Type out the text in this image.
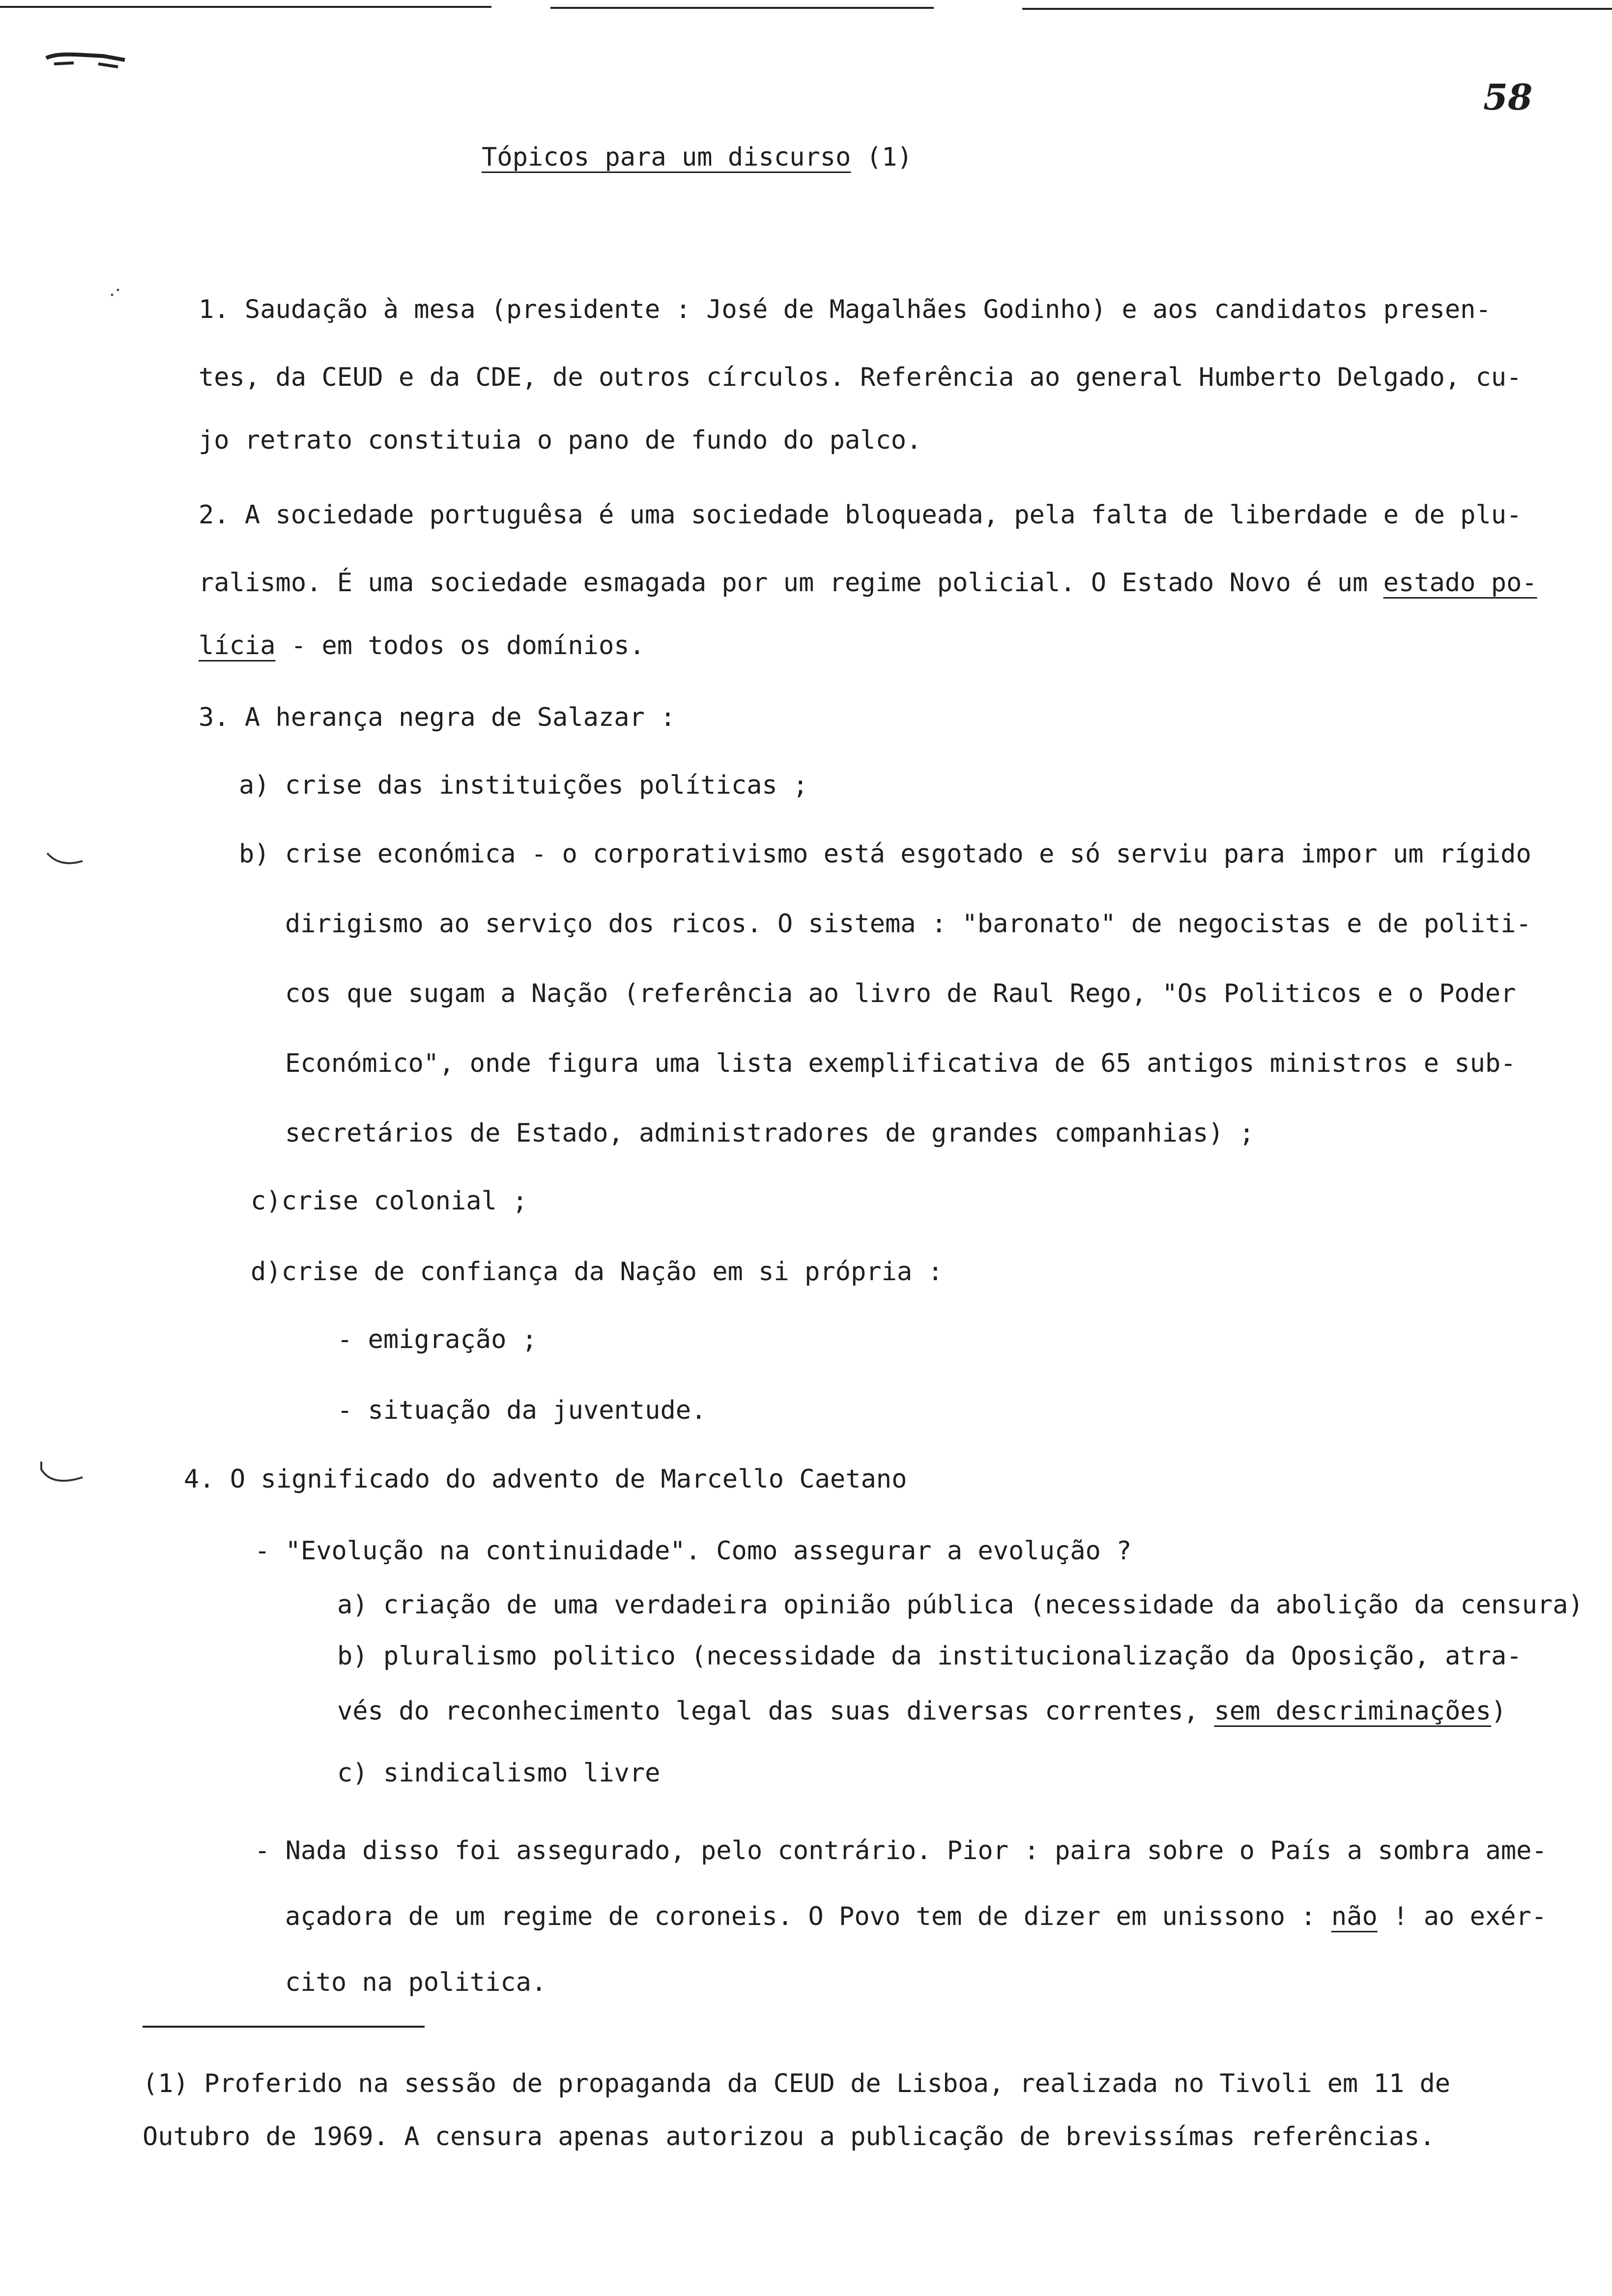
58
Tópicos para um discurso (1)
1. Saudação à mesa (presidente : José de Magalhães Godinho) e aos candidatos presen-
tes, da CEUD e da CDE, de outros círculos. Referência ao general Humberto Delgado, cu-
jo retrato constituia o pano de fundo do palco.
2. A sociedade portuguêsa é uma sociedade bloqueada, pela falta de liberdade e de plu-
ralismo. É uma sociedade esmagada por um regime policial. O Estado Novo é um estado po-
lícia - em todos os domínios.
3. A herança negra de Salazar :
a) crise das instituições políticas ;
b) crise económica - o corporativismo está esgotado e só serviu para impor um rígido
dirigismo ao serviço dos ricos. O sistema : "baronato" de negocistas e de politi-
cos que sugam a Nação (referência ao livro de Raul Rego, "Os Politicos e o Poder
Económico", onde figura uma lista exemplificativa de 65 antigos ministros e sub-
secretários de Estado, administradores de grandes companhias) ;
c)crise colonial ;
d)crise de confiança da Nação em si própria :
- emigração ;
- situação da juventude.
4. O significado do advento de Marcello Caetano
- "Evolução na continuidade". Como assegurar a evolução ?
a) criação de uma verdadeira opinião pública (necessidade da abolição da censura)
b) pluralismo politico (necessidade da institucionalização da Oposição, atra-
vés do reconhecimento legal das suas diversas correntes, sem descriminações)
c) sindicalismo livre
- Nada disso foi assegurado, pelo contrário. Pior : paira sobre o País a sombra ame-
açadora de um regime de coroneis. O Povo tem de dizer em unissono : não ! ao exér-
cito na politica.
(1) Proferido na sessão de propaganda da CEUD de Lisboa, realizada no Tivoli em 11 de
Outubro de 1969. A censura apenas autorizou a publicação de brevissímas referências.
